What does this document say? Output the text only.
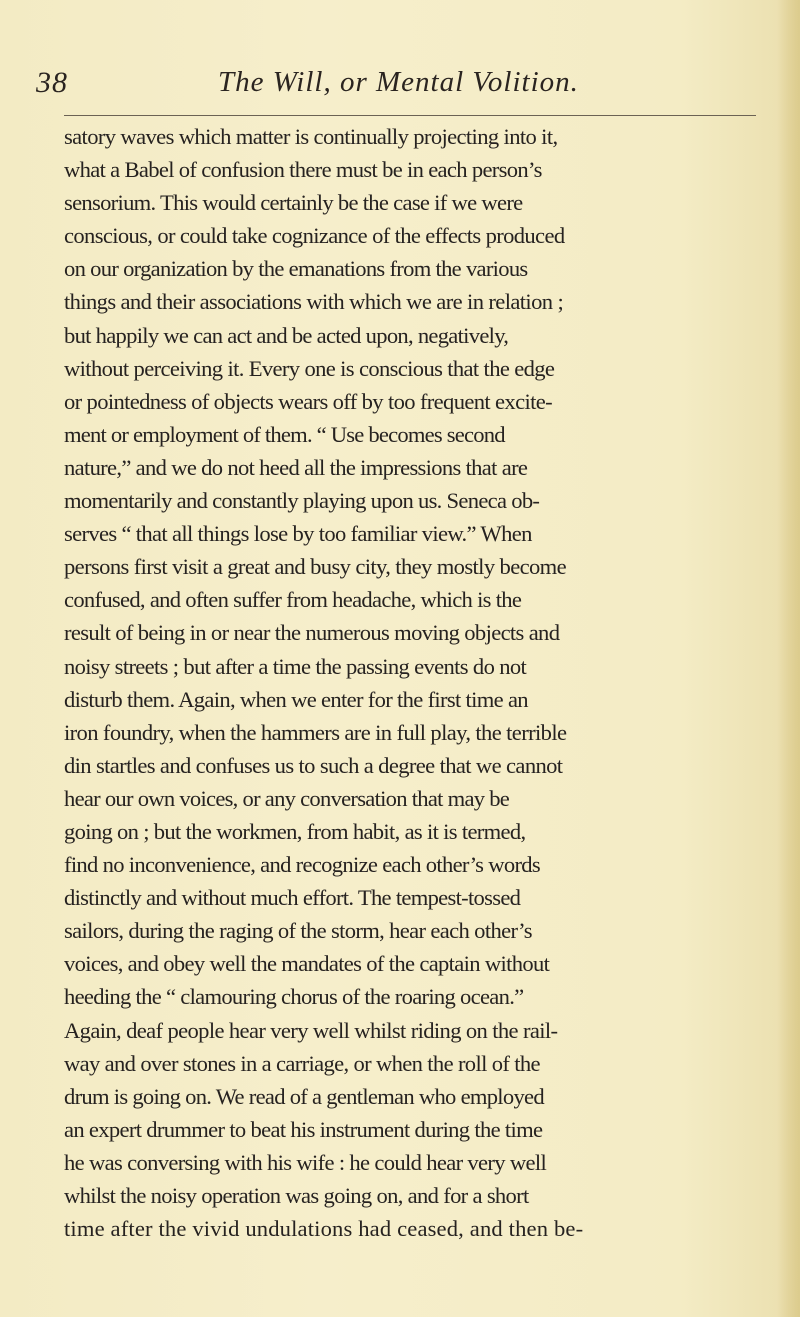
38	The Will, or Mental Volition.
satory waves which matter is continually projecting into it,
what a Babel of confusion there must be in each person’s
sensorium. This would certainly be the case if we were
conscious, or could take cognizance of the effects produced
on our organization by the emanations from the various
things and their associations with which we are in relation ;
but happily we can act and be acted upon, negatively,
without perceiving it. Every one is conscious that the edge
or pointedness of objects wears off by too frequent excite-
ment or employment of them. “ Use becomes second
nature,” and we do not heed all the impressions that are
momentarily and constantly playing upon us. Seneca ob-
serves “ that all things lose by too familiar view.” When
persons first visit a great and busy city, they mostly become
confused, and often suffer from headache, which is the
result of being in or near the numerous moving objects and
noisy streets ; but after a time the passing events do not
disturb them. Again, when we enter for the first time an
iron foundry, when the hammers are in full play, the terrible
din startles and confuses us to such a degree that we cannot
hear our own voices, or any conversation that may be
going on ; but the workmen, from habit, as it is termed,
find no inconvenience, and recognize each other’s words
distinctly and without much effort. The tempest-tossed
sailors, during the raging of the storm, hear each other’s
voices, and obey well the mandates of the captain without
heeding the “ clamouring chorus of the roaring ocean.”
Again, deaf people hear very well whilst riding on the rail-
way and over stones in a carriage, or when the roll of the
drum is going on. We read of a gentleman who employed
an expert drummer to beat his instrument during the time
he was conversing with his wife : he could hear very well
whilst the noisy operation was going on, and for a short
time after the vivid undulations had ceased, and then be-
